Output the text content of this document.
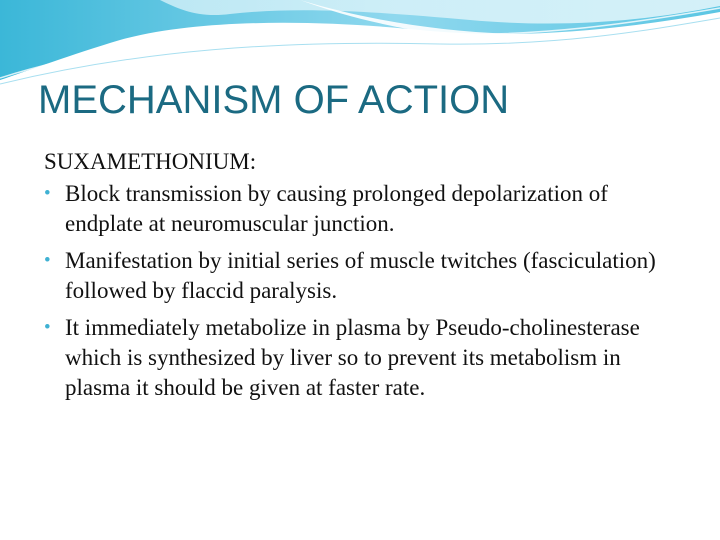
MECHANISM OF ACTION

SUXAMETHONIUM:

• Block transmission by causing prolonged depolarization of endplate at neuromuscular junction.
• Manifestation by initial series of muscle twitches (fasciculation) followed by flaccid paralysis.
• It immediately metabolize in plasma by Pseudo-cholinesterase which is synthesized by liver so to prevent its metabolism in plasma it should be given at faster rate.
